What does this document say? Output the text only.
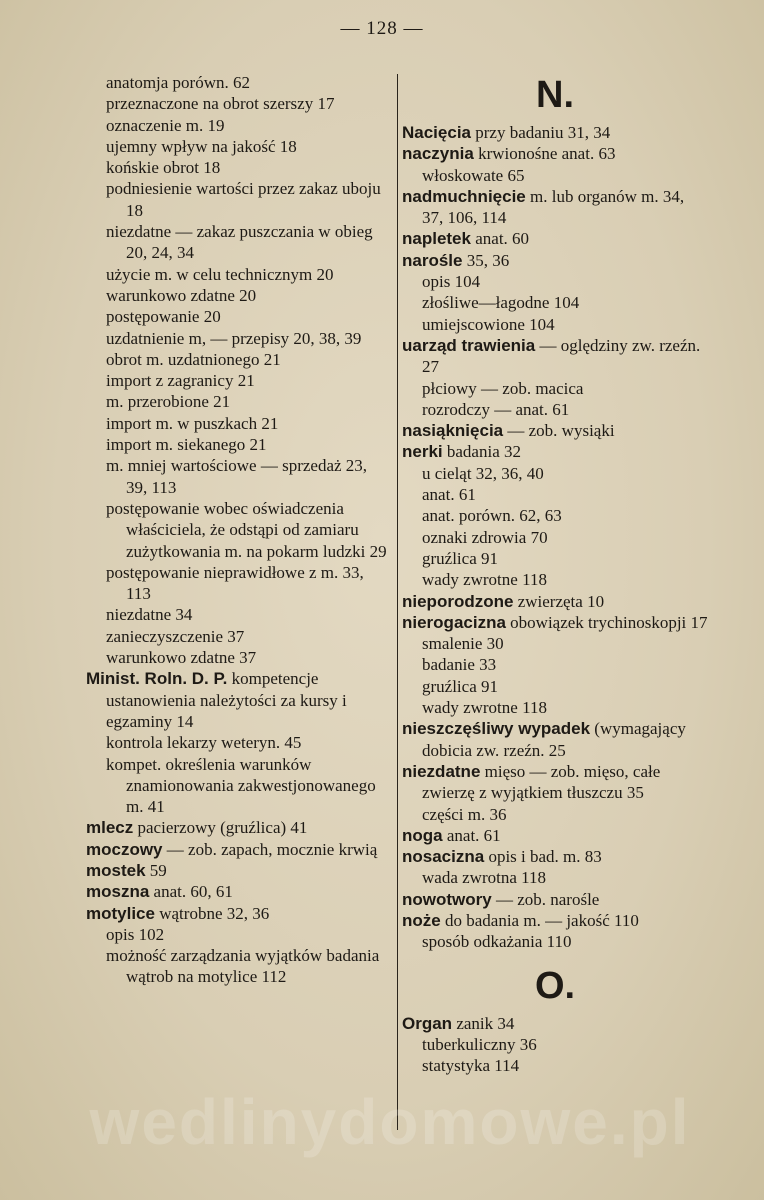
— 128 —

anatomja porówn. 62

przeznaczone na obrot szerszy 17

oznaczenie m. 19

ujemny wpływ na jakość 18

końskie obrot 18

podniesienie wartości przez zakaz uboju 18

niezdatne — zakaz puszczania w obieg 20, 24, 34

użycie m. w celu technicznym 20

warunkowo zdatne 20

postępowanie 20

uzdatnienie m, — przepisy 20, 38, 39

obrot m. uzdatnionego 21

import z zagranicy 21

m. przerobione 21

import m. w puszkach 21

import m. siekanego 21

m. mniej wartościowe — sprzedaż 23, 39, 113

postępowanie wobec oświadczenia właściciela, że odstąpi od zamiaru zużytkowania m. na pokarm ludzki 29

postępowanie nieprawidłowe z m. 33, 113

niezdatne 34

zanieczyszczenie 37

warunkowo zdatne 37

Minist. Roln. D. P. kompetencje ustanowienia należytości za kursy i egzaminy 14

kontrola lekarzy weteryn. 45

kompet. określenia warunków znamionowania zakwestjonowanego m. 41

mlecz pacierzowy (gruźlica) 41

moczowy — zob. zapach, mocznie krwią

mostek 59

moszna anat. 60, 61

motylice wątrobne 32, 36

opis 102

możność zarządzania wyjątków badania wątrob na motylice 112

N.

Nacięcia przy badaniu 31, 34

naczynia krwionośne anat. 63

włoskowate 65

nadmuchnięcie m. lub organów m. 34, 37, 106, 114

napletek anat. 60

narośle 35, 36

opis 104

złośliwe—łagodne 104

umiejscowione 104

uarząd trawienia — oględziny zw. rzeźn. 27

płciowy — zob. macica

rozrodczy — anat. 61

nasiąknięcia — zob. wysiąki

nerki badania 32

u cieląt 32, 36, 40

anat. 61

anat. porówn. 62, 63

oznaki zdrowia 70

gruźlica 91

wady zwrotne 118

nieporodzone zwierzęta 10

nierogacizna obowiązek trychinoskopji 17

smalenie 30

badanie 33

gruźlica 91

wady zwrotne 118

nieszczęśliwy wypadek (wymagający dobicia zw. rzeźn. 25

niezdatne mięso — zob. mięso, całe zwierzę z wyjątkiem tłuszczu 35

części m. 36

noga anat. 61

nosacizna opis i bad. m. 83

wada zwrotna 118

nowotwory — zob. narośle

noże do badania m. — jakość 110

sposób odkażania 110

O.

Organ zanik 34

tuberkuliczny 36

statystyka 114

wedlinydomowe.pl
